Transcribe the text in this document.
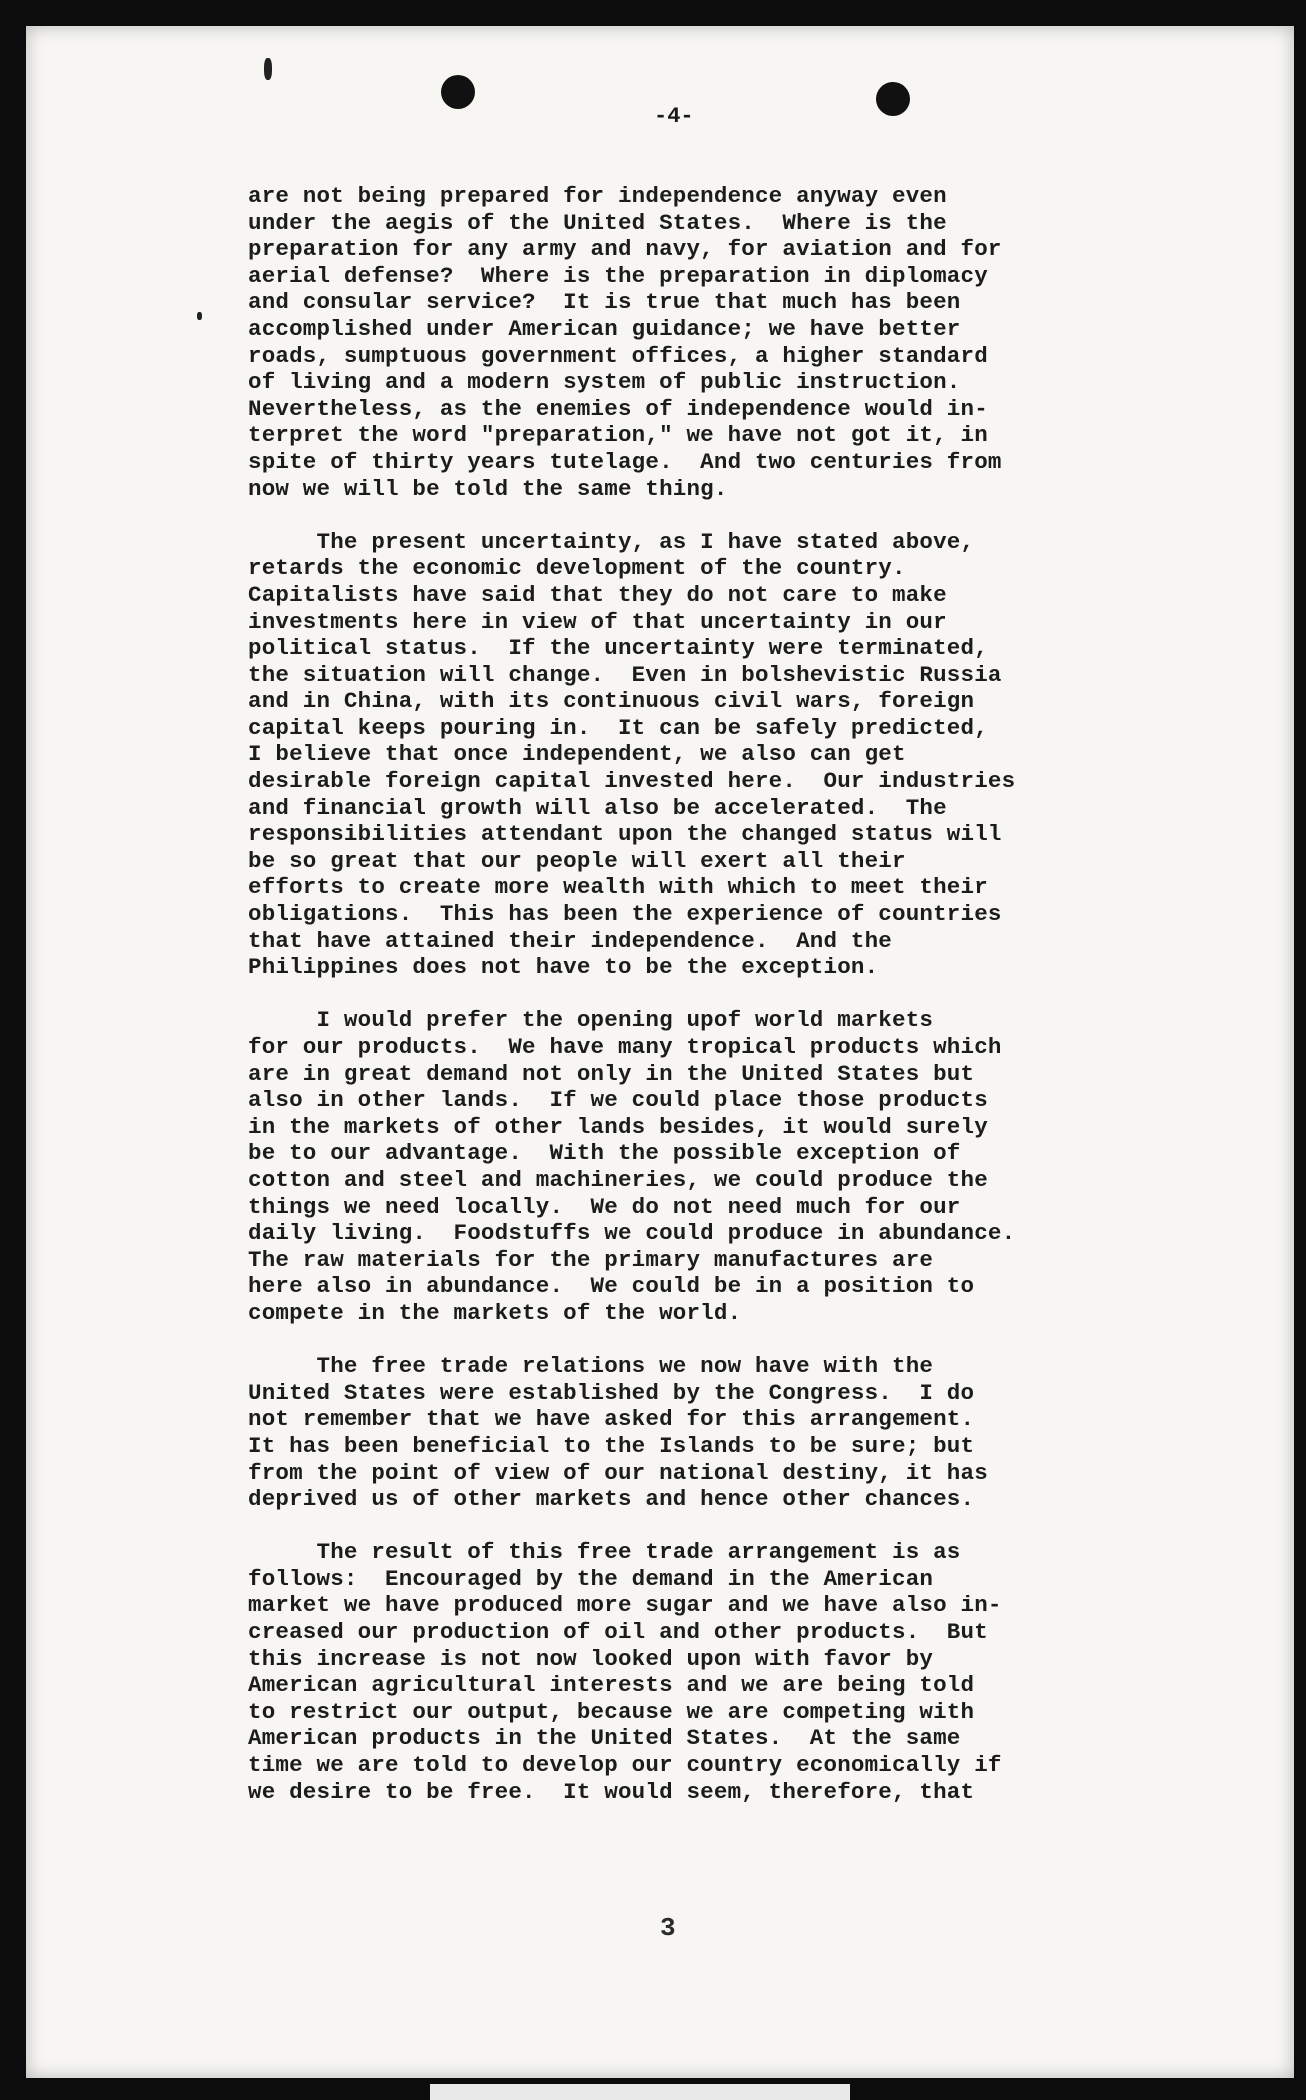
-4-
are not being prepared for independence anyway even
under the aegis of the United States.  Where is the
preparation for any army and navy, for aviation and for
aerial defense?  Where is the preparation in diplomacy
and consular service?  It is true that much has been
accomplished under American guidance; we have better
roads, sumptuous government offices, a higher standard
of living and a modern system of public instruction.
Nevertheless, as the enemies of independence would in-
terpret the word "preparation," we have not got it, in
spite of thirty years tutelage.  And two centuries from
now we will be told the same thing.
The present uncertainty, as I have stated above,
retards the economic development of the country.
Capitalists have said that they do not care to make
investments here in view of that uncertainty in our
political status.  If the uncertainty were terminated,
the situation will change.  Even in bolshevistic Russia
and in China, with its continuous civil wars, foreign
capital keeps pouring in.  It can be safely predicted,
I believe that once independent, we also can get
desirable foreign capital invested here.  Our industries
and financial growth will also be accelerated.  The
responsibilities attendant upon the changed status will
be so great that our people will exert all their
efforts to create more wealth with which to meet their
obligations.  This has been the experience of countries
that have attained their independence.  And the
Philippines does not have to be the exception.
I would prefer the opening upof world markets
for our products.  We have many tropical products which
are in great demand not only in the United States but
also in other lands.  If we could place those products
in the markets of other lands besides, it would surely
be to our advantage.  With the possible exception of
cotton and steel and machineries, we could produce the
things we need locally.  We do not need much for our
daily living.  Foodstuffs we could produce in abundance.
The raw materials for the primary manufactures are
here also in abundance.  We could be in a position to
compete in the markets of the world.
The free trade relations we now have with the
United States were established by the Congress.  I do
not remember that we have asked for this arrangement.
It has been beneficial to the Islands to be sure; but
from the point of view of our national destiny, it has
deprived us of other markets and hence other chances.
The result of this free trade arrangement is as
follows:  Encouraged by the demand in the American
market we have produced more sugar and we have also in-
creased our production of oil and other products.  But
this increase is not now looked upon with favor by
American agricultural interests and we are being told
to restrict our output, because we are competing with
American products in the United States.  At the same
time we are told to develop our country economically if
we desire to be free.  It would seem, therefore, that
3
